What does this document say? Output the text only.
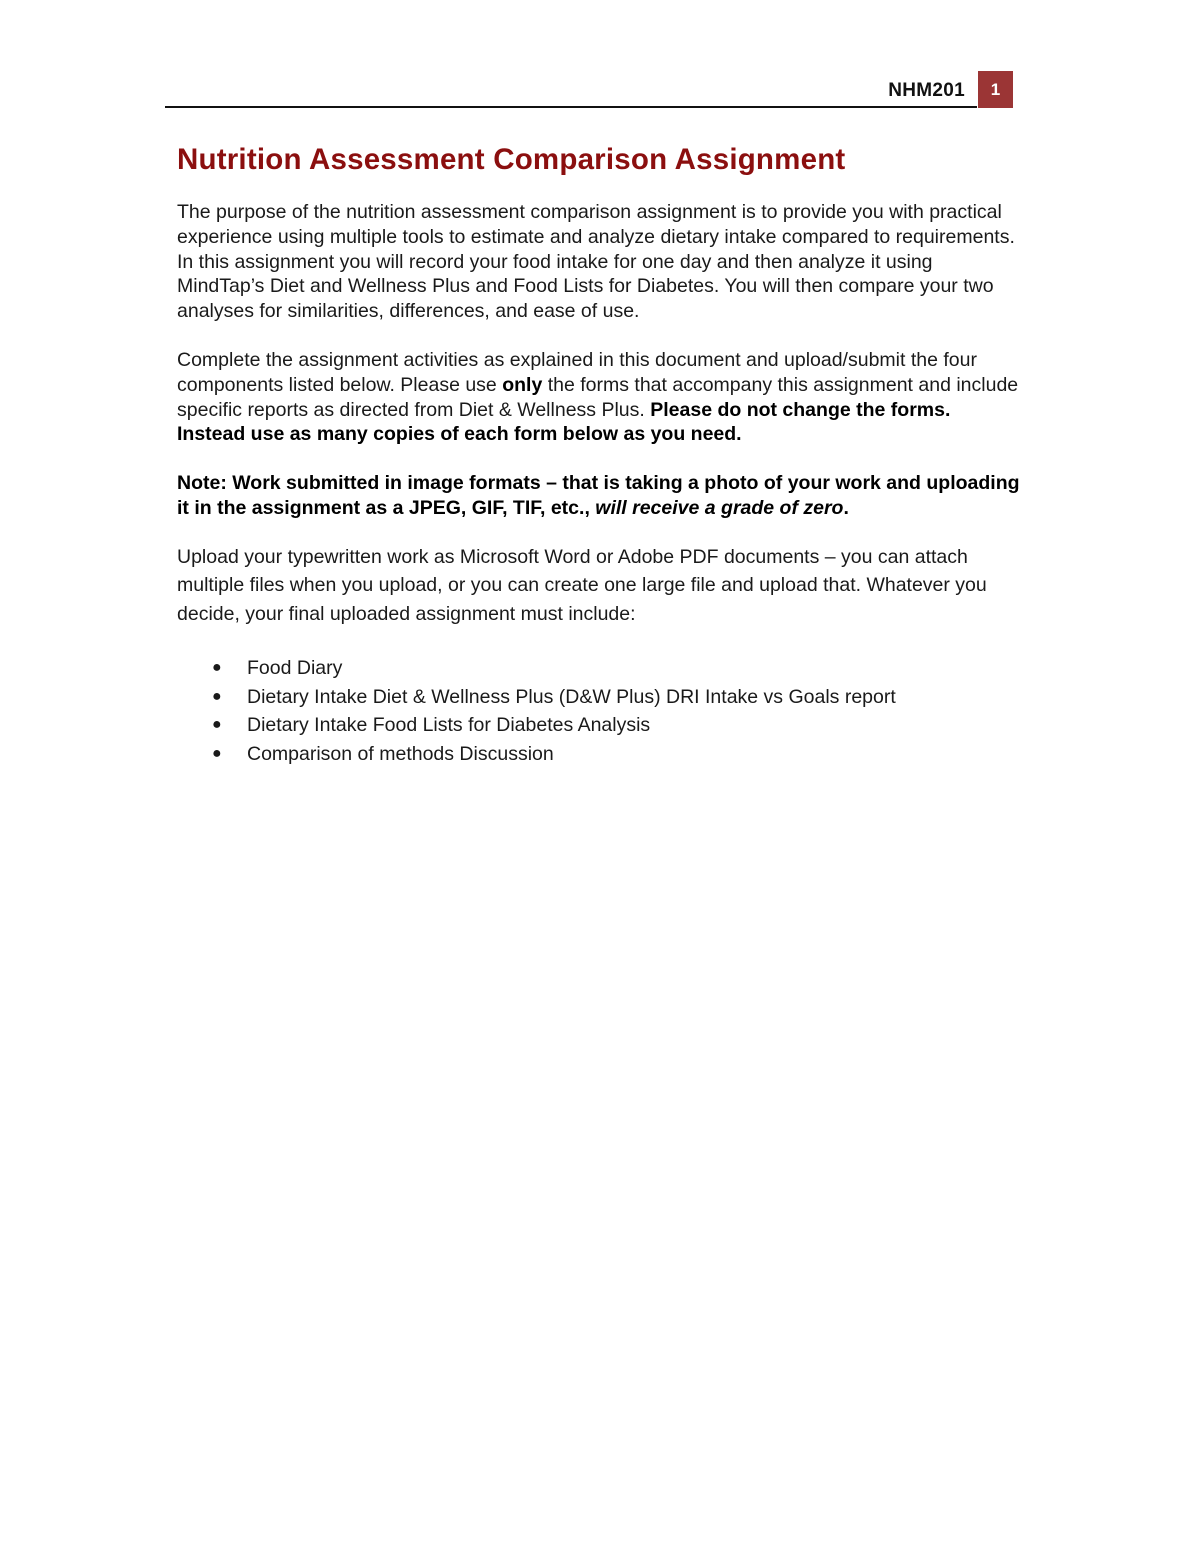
NHM201	1
Nutrition Assessment Comparison Assignment

The purpose of the nutrition assessment comparison assignment is to provide you with practical experience using multiple tools to estimate and analyze dietary intake compared to requirements. In this assignment you will record your food intake for one day and then analyze it using MindTap’s Diet and Wellness Plus and Food Lists for Diabetes. You will then compare your two analyses for similarities, differences, and ease of use.

Complete the assignment activities as explained in this document and upload/submit the four components listed below. Please use only the forms that accompany this assignment and include specific reports as directed from Diet & Wellness Plus. Please do not change the forms. Instead use as many copies of each form below as you need.

Note: Work submitted in image formats – that is taking a photo of your work and uploading it in the assignment as a JPEG, GIF, TIF, etc., will receive a grade of zero.

Upload your typewritten work as Microsoft Word or Adobe PDF documents – you can attach multiple files when you upload, or you can create one large file and upload that. Whatever you decide, your final uploaded assignment must include:

● Food Diary
● Dietary Intake Diet & Wellness Plus (D&W Plus) DRI Intake vs Goals report
● Dietary Intake Food Lists for Diabetes Analysis
● Comparison of methods Discussion
